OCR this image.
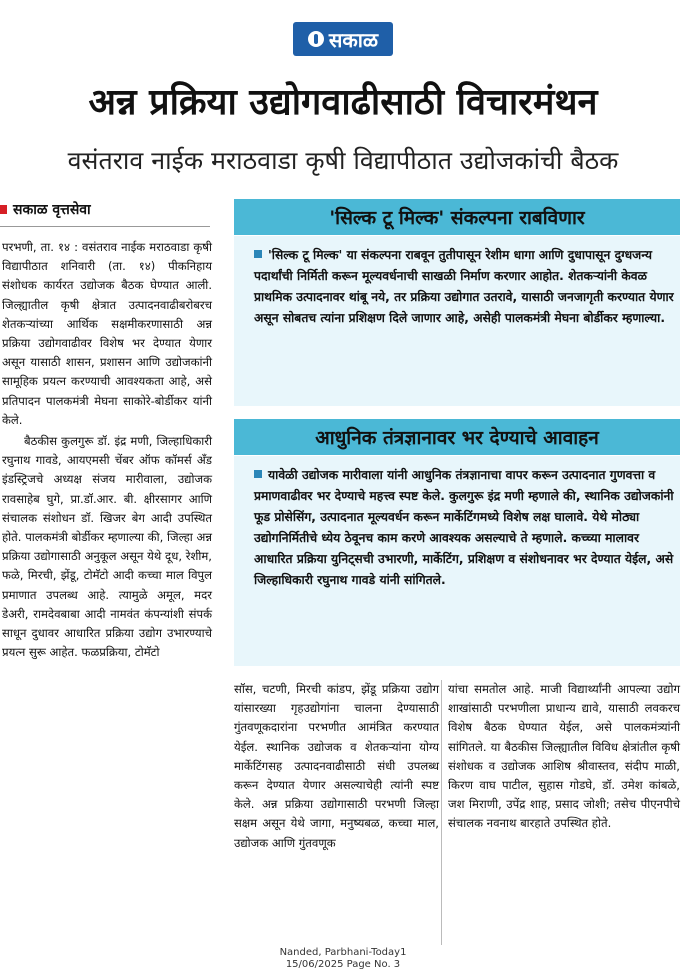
सकाळ
अन्न प्रक्रिया उद्योगवाढीसाठी विचारमंथन
वसंतराव नाईक मराठवाडा कृषी विद्यापीठात उद्योजकांची बैठक
सकाळ वृत्तसेवा

परभणी, ता. १४ : वसंतराव नाईक मराठवाडा कृषी विद्यापीठात शनिवारी (ता. १४) पीकनिहाय संशोधक कार्यरत उद्योजक बैठक घेण्यात आली. जिल्ह्यातील कृषी क्षेत्रात उत्पादनवाढीबरोबरच शेतकऱ्यांच्या आर्थिक सक्षमीकरणासाठी अन्न प्रक्रिया उद्योगवाढीवर विशेष भर देण्यात येणार असून यासाठी शासन, प्रशासन आणि उद्योजकांनी सामूहिक प्रयत्न करण्याची आवश्यकता आहे, असे प्रतिपादन पालकमंत्री मेघना साकोरे-बोर्डीकर यांनी केले.

बैठकीस कुलगुरू डॉ. इंद्र मणी, जिल्हाधिकारी रघुनाथ गावडे, आयएमसी चेंबर ऑफ कॉमर्स अँड इंडस्ट्रिजचे अध्यक्ष संजय मारीवाला, उद्योजक रावसाहेब घुगे, प्रा.डॉ.आर. बी. क्षीरसागर आणि संचालक संशोधन डॉ. खिजर बेग आदी उपस्थित होते. पालकमंत्री बोर्डीकर म्हणाल्या की, जिल्हा अन्न प्रक्रिया उद्योगासाठी अनुकूल असून येथे दूध, रेशीम, फळे, मिरची, झेंडू, टोमॅटो आदी कच्चा माल विपुल प्रमाणात उपलब्ध आहे. त्यामुळे अमूल, मदर डेअरी, रामदेवबाबा आदी नामवंत कंपन्यांशी संपर्क साधून दुधावर आधारित प्रक्रिया उद्योग उभारण्याचे प्रयत्न सुरू आहेत. फळप्रक्रिया, टोमॅटो

'सिल्क टू मिल्क' संकल्पना राबविणार
'सिल्क टू मिल्क' या संकल्पना राबवून तुतीपासून रेशीम धागा आणि दुधापासून दुग्धजन्य पदार्थांची निर्मिती करून मूल्यवर्धनाची साखळी निर्माण करणार आहोत. शेतकऱ्यांनी केवळ प्राथमिक उत्पादनावर थांबू नये, तर प्रक्रिया उद्योगात उतरावे, यासाठी जनजागृती करण्यात येणार असून सोबतच त्यांना प्रशिक्षण दिले जाणार आहे, असेही पालकमंत्री मेघना बोर्डीकर म्हणाल्या.
आधुनिक तंत्रज्ञानावर भर देण्याचे आवाहन
यावेळी उद्योजक मारीवाला यांनी आधुनिक तंत्रज्ञानाचा वापर करून उत्पादनात गुणवत्ता व प्रमाणवाढीवर भर देण्याचे महत्त्व स्पष्ट केले. कुलगुरू इंद्र मणी म्हणाले की, स्थानिक उद्योजकांनी फूड प्रोसेसिंग, उत्पादनात मूल्यवर्धन करून मार्केटिंगमध्ये विशेष लक्ष घालावे. येथे मोठ्या उद्योगनिर्मितीचे ध्येय ठेवूनच काम करणे आवश्यक असल्याचे ते म्हणाले. कच्च्या मालावर आधारित प्रक्रिया युनिट्सची उभारणी, मार्केटिंग, प्रशिक्षण व संशोधनावर भर देण्यात येईल, असे जिल्हाधिकारी रघुनाथ गावडे यांनी सांगितले.

सॉस, चटणी, मिरची कांडप, झेंडू प्रक्रिया उद्योग यांसारख्या गृहउद्योगांना चालना देण्यासाठी गुंतवणूकदारांना परभणीत आमंत्रित करण्यात येईल. स्थानिक उद्योजक व शेतकऱ्यांना योग्य मार्केटिंगसह उत्पादनवाढीसाठी संधी उपलब्ध करून देण्यात येणार असल्याचेही त्यांनी स्पष्ट केले. अन्न प्रक्रिया उद्योगासाठी परभणी जिल्हा सक्षम असून येथे जागा, मनुष्यबळ, कच्चा माल, उद्योजक आणि गुंतवणूक

यांचा समतोल आहे. माजी विद्यार्थ्यांनी आपल्या उद्योग शाखांसाठी परभणीला प्राधान्य द्यावे, यासाठी लवकरच विशेष बैठक घेण्यात येईल, असे पालकमंत्र्यांनी सांगितले. या बैठकीस जिल्ह्यातील विविध क्षेत्रांतील कृषी संशोधक व उद्योजक आशिष श्रीवास्तव, संदीप माळी, किरण वाघ पाटील, सुहास गोडघे, डॉ. उमेश कांबळे, जश मिराणी, उपेंद्र शाह, प्रसाद जोशी; तसेच पीएनपीचे संचालक नवनाथ बारहाते उपस्थित होते.

Nanded, Parbhani-Today1
15/06/2025 Page No. 3
